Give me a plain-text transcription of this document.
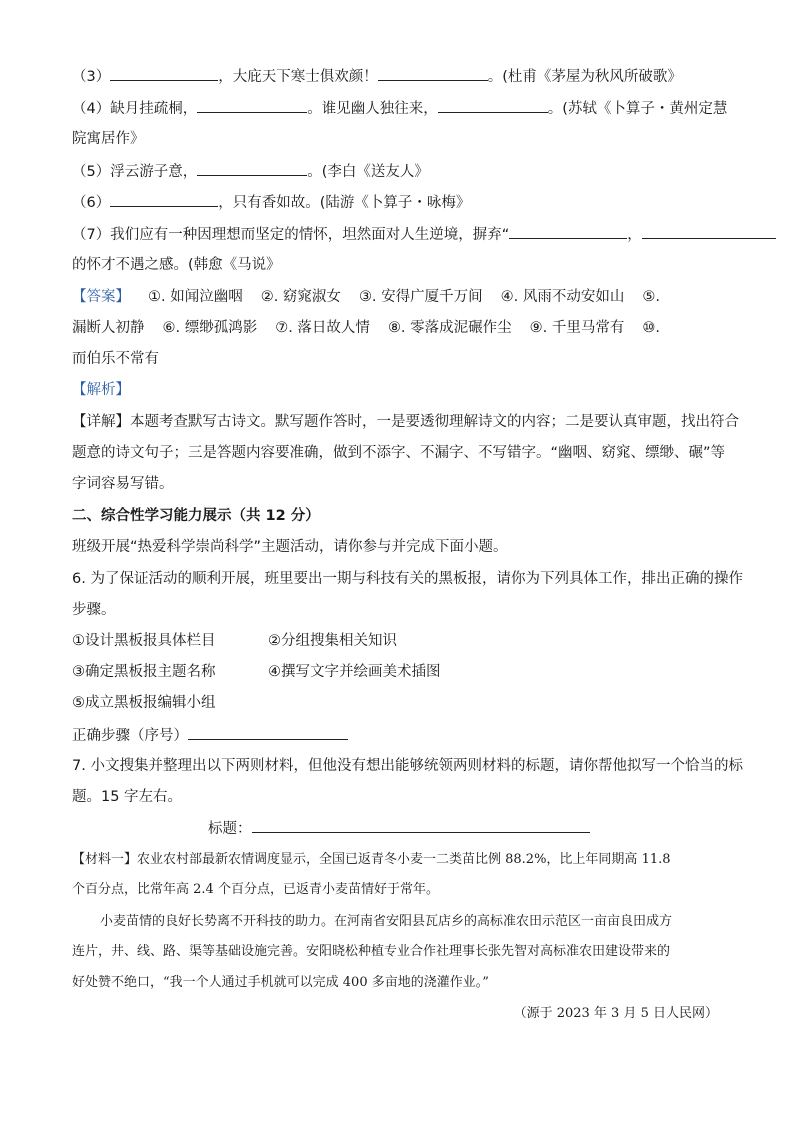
（3）	，大庇天下寒士俱欢颜！	。(杜甫《茅屋为秋风所破歌》
（4）缺月挂疏桐，	。谁见幽人独往来，	。(苏轼《卜算子・黄州定慧
院寓居作》
（5）浮云游子意，	。(李白《送友人》
（6）	，只有香如故。(陆游《卜算子・咏梅》
（7）我们应有一种因理想而坚定的情怀，坦然面对人生逆境，摒弃“	，
的怀才不遇之感。(韩愈《马说》
【答案】 ①. 如闻泣幽咽 ②. 窈窕淑女 ③. 安得广厦千万间 ④. 风雨不动安如山 ⑤.
漏断人初静 ⑥. 缥缈孤鸿影 ⑦. 落日故人情 ⑧. 零落成泥碾作尘 ⑨. 千里马常有 ⑩.
而伯乐不常有
【解析】
【详解】本题考查默写古诗文。默写题作答时，一是要透彻理解诗文的内容；二是要认真审题，找出符合
题意的诗文句子；三是答题内容要准确，做到不添字、不漏字、不写错字。“幽咽、窈窕、缥缈、碾”等
字词容易写错。
二、综合性学习能力展示（共 12 分）
班级开展“热爱科学崇尚科学”主题活动，请你参与并完成下面小题。
6. 为了保证活动的顺利开展，班里要出一期与科技有关的黑板报，请你为下列具体工作，排出正确的操作
步骤。
①设计黑板报具体栏目	②分组搜集相关知识
③确定黑板报主题名称	④撰写文字并绘画美术插图
⑤成立黑板报编辑小组
正确步骤（序号）
7. 小文搜集并整理出以下两则材料，但他没有想出能够统领两则材料的标题，请你帮他拟写一个恰当的标
题。15 字左右。
标题：
【材料一】农业农村部最新农情调度显示，全国已返青冬小麦一二类苗比例 88.2%，比上年同期高 11.8
个百分点，比常年高 2.4 个百分点，已返青小麦苗情好于常年。
小麦苗情的良好长势离不开科技的助力。在河南省安阳县瓦店乡的高标准农田示范区一亩亩良田成方
连片，井、线、路、渠等基础设施完善。安阳晓松种植专业合作社理事长张先智对高标准农田建设带来的
好处赞不绝口，“我一个人通过手机就可以完成 400 多亩地的浇灌作业。”
（源于 2023 年 3 月 5 日人民网）
